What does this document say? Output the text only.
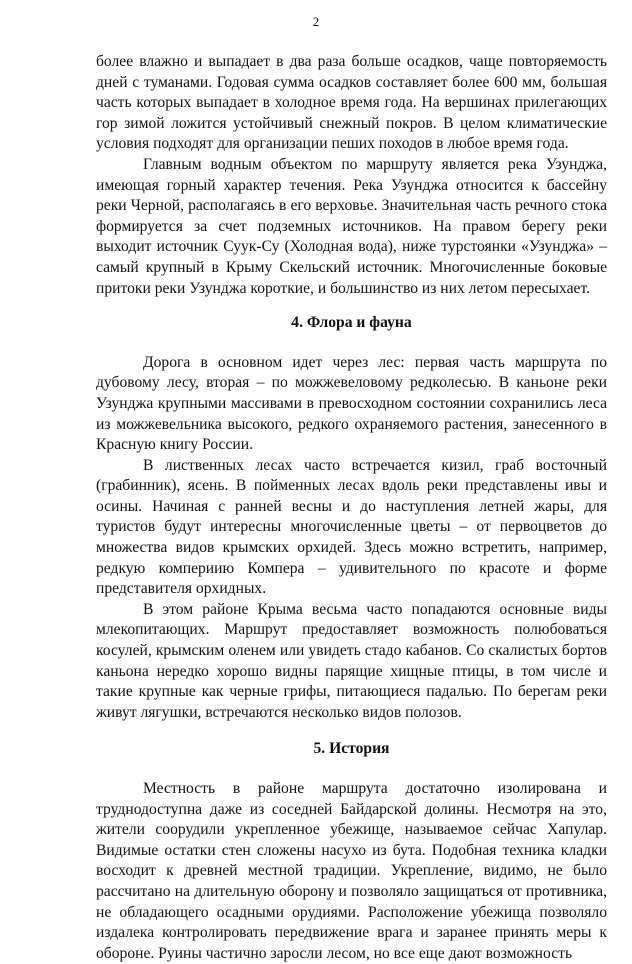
2

более влажно и выпадает в два раза больше осадков, чаще повторяемость дней с туманами. Годовая сумма осадков составляет более 600 мм, большая часть которых выпадает в холодное время года. На вершинах прилегающих гор зимой ложится устойчивый снежный покров. В целом климатические условия подходят для организации пеших походов в любое время года.

Главным водным объектом по маршруту является река Узунджа, имеющая горный характер течения. Река Узунджа относится к бассейну реки Черной, располагаясь в его верховье. Значительная часть речного стока формируется за счет подземных источников. На правом берегу реки выходит источник Суук-Су (Холодная вода), ниже турстоянки «Узунджа» – самый крупный в Крыму Скельский источник. Многочисленные боковые притоки реки Узунджа короткие, и большинство из них летом пересыхает.

4. Флора и фауна

Дорога в основном идет через лес: первая часть маршрута по дубовому лесу, вторая – по можжевеловому редколесью. В каньоне реки Узунджа крупными массивами в превосходном состоянии сохранились леса из можжевельника высокого, редкого охраняемого растения, занесенного в Красную книгу России.

В лиственных лесах часто встречается кизил, граб восточный (грабинник), ясень. В пойменных лесах вдоль реки представлены ивы и осины. Начиная с ранней весны и до наступления летней жары, для туристов будут интересны многочисленные цветы – от первоцветов до множества видов крымских орхидей. Здесь можно встретить, например, редкую компериию Компера – удивительного по красоте и форме представителя орхидных.

В этом районе Крыма весьма часто попадаются основные виды млекопитающих. Маршрут предоставляет возможность полюбоваться косулей, крымским оленем или увидеть стадо кабанов. Со скалистых бортов каньона нередко хорошо видны парящие хищные птицы, в том числе и такие крупные как черные грифы, питающиеся падалью. По берегам реки живут лягушки, встречаются несколько видов полозов.

5. История

Местность в районе маршрута достаточно изолирована и труднодоступна даже из соседней Байдарской долины. Несмотря на это, жители соорудили укрепленное убежище, называемое сейчас Хапулар. Видимые остатки стен сложены насухо из бута. Подобная техника кладки восходит к древней местной традиции. Укрепление, видимо, не было рассчитано на длительную оборону и позволяло защищаться от противника, не обладающего осадными орудиями. Расположение убежища позволяло издалека контролировать передвижение врага и заранее принять меры к обороне. Руины частично заросли лесом, но все еще дают возможность
